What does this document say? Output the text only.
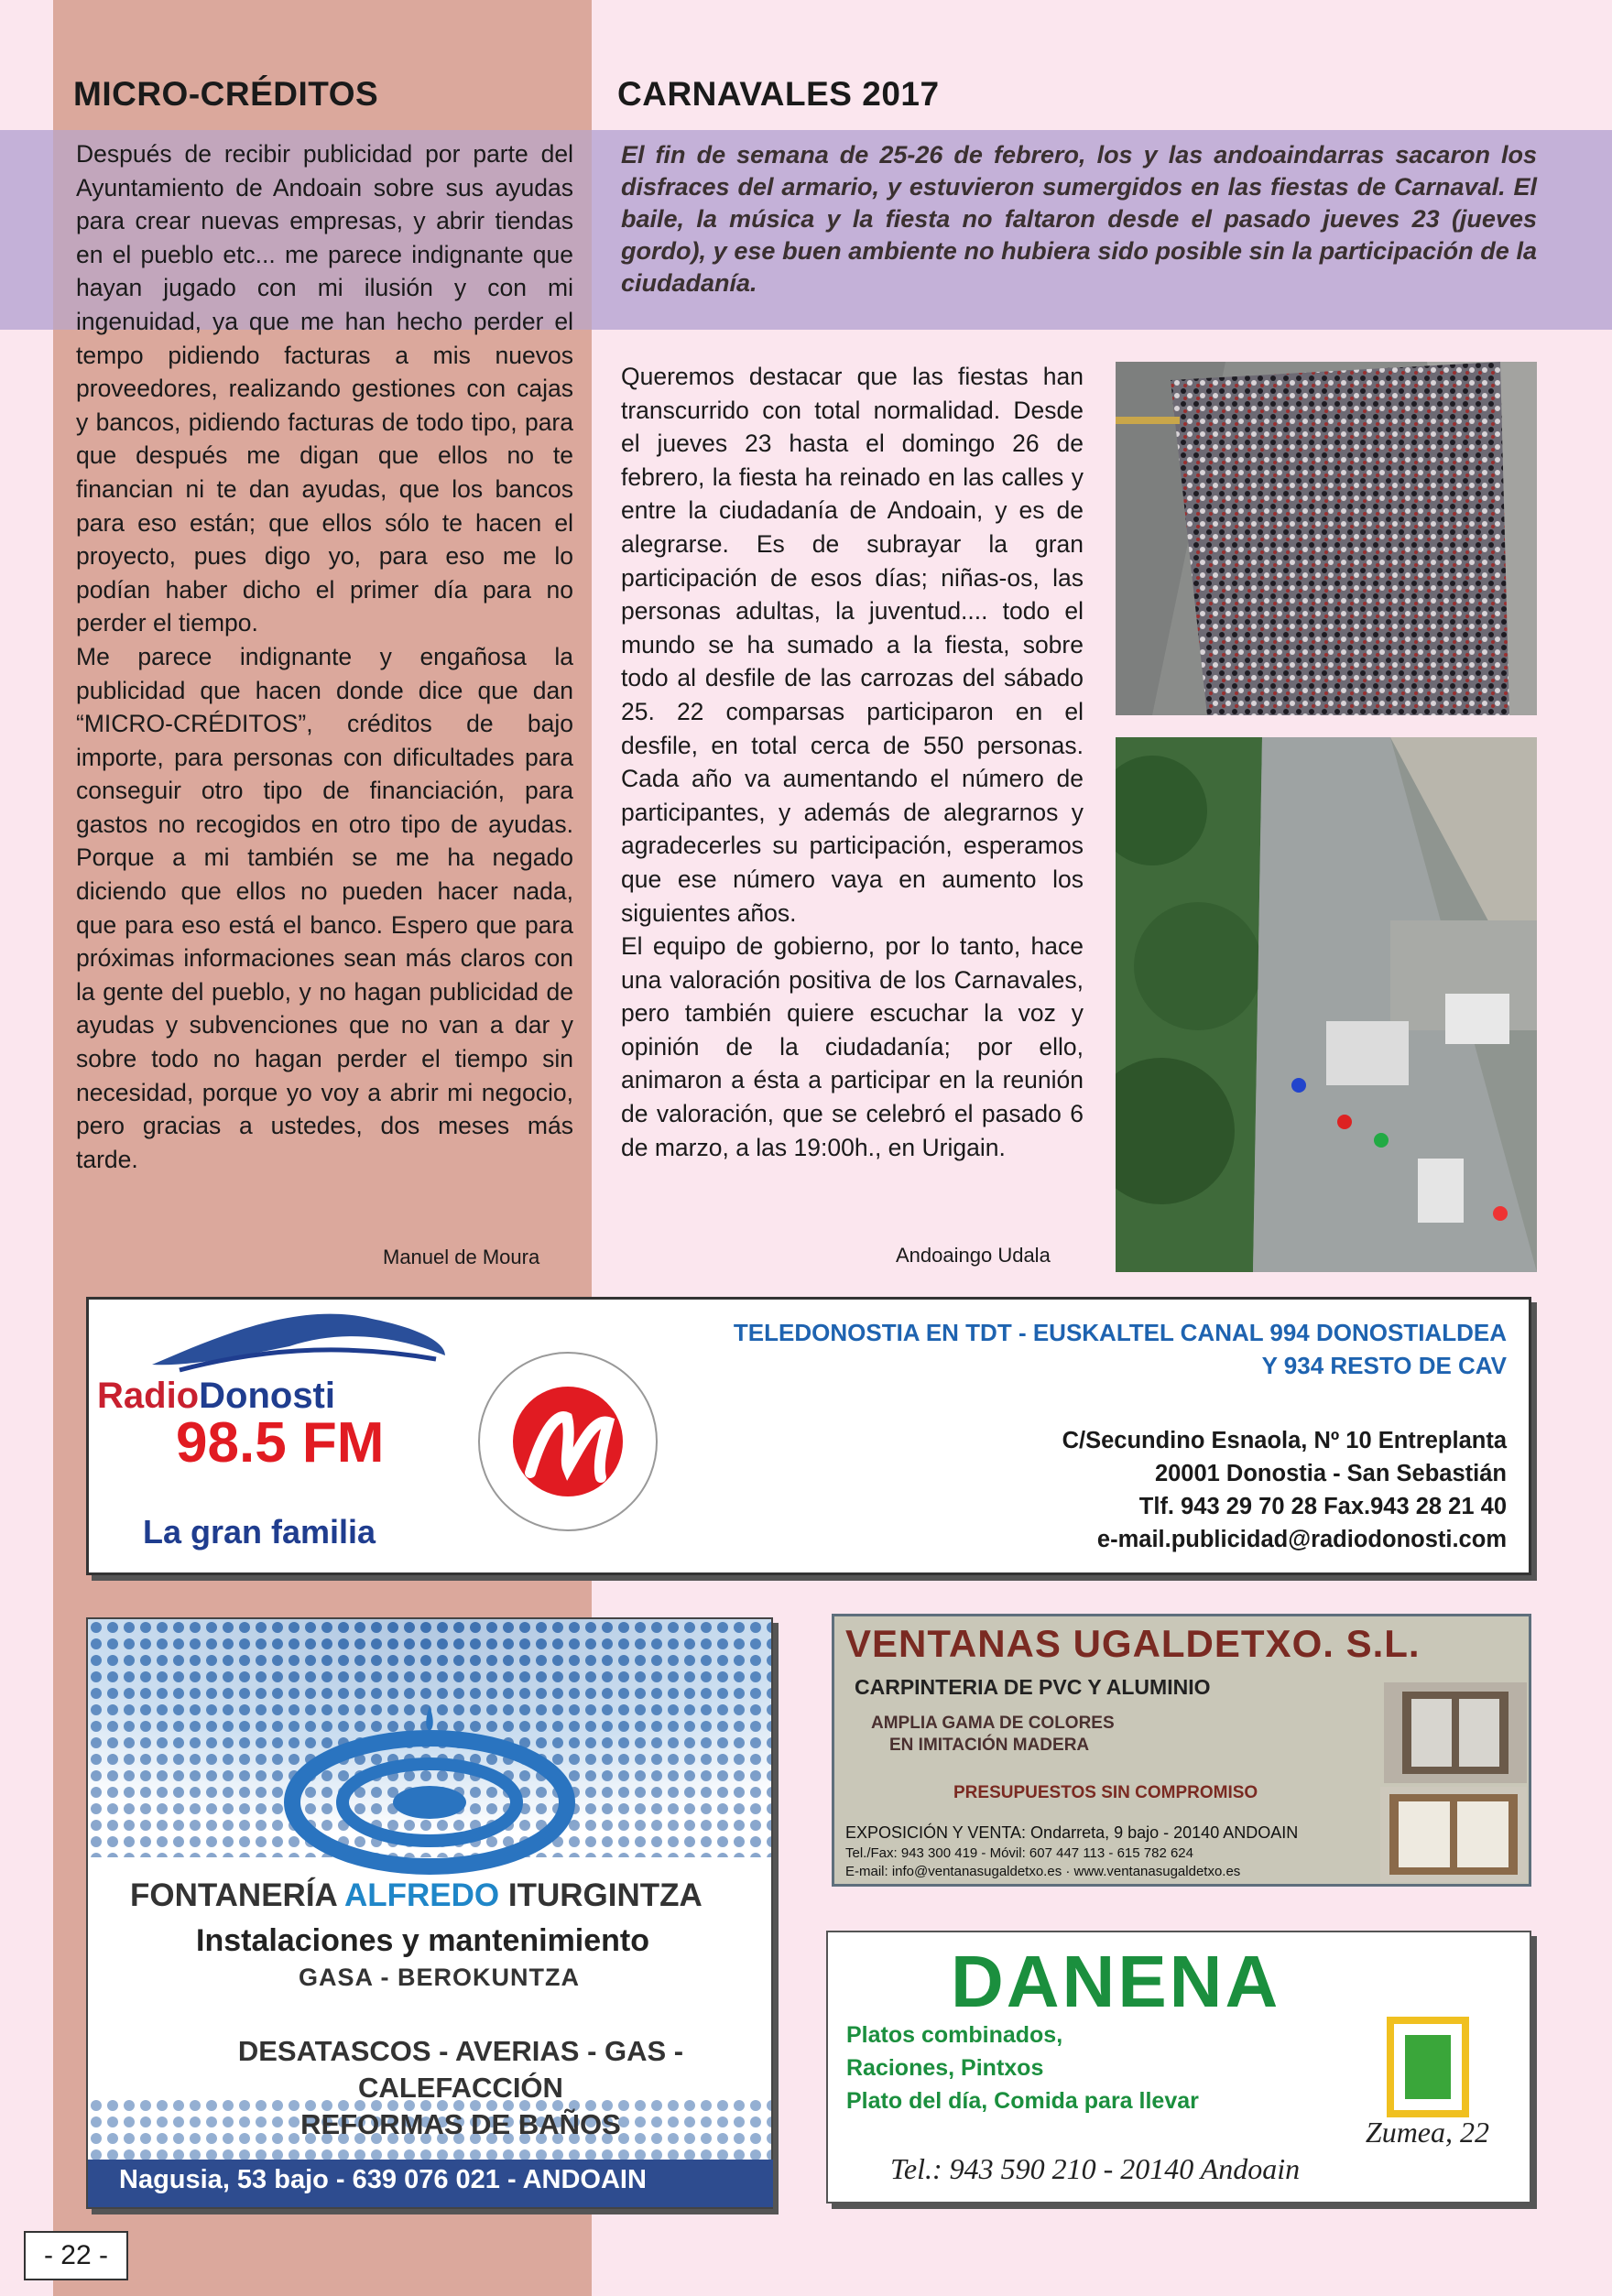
MICRO-CRÉDITOS
Después de recibir publicidad por parte del Ayuntamiento de Andoain sobre sus ayudas para crear nuevas empresas, y abrir tiendas en el pueblo etc... me parece indignante que hayan jugado con mi ilusión y con mi ingenuidad, ya que me han hecho perder el tempo pidiendo facturas a mis nuevos proveedores, realizando gestiones con cajas y bancos, pidiendo facturas de todo tipo, para que después me digan que ellos no te financian ni te dan ayudas, que los bancos para eso están; que ellos sólo te hacen el proyecto, pues digo yo, para eso me lo podían haber dicho el primer día para no perder el tiempo.
Me parece indignante y engañosa la publicidad que hacen donde dice que dan “MICRO-CRÉDITOS”, créditos de bajo importe, para personas con dificultades para conseguir otro tipo de financiación, para gastos no recogidos en otro tipo de ayudas. Porque a mi también se me ha negado diciendo que ellos no pueden hacer nada, que para eso está el banco. Espero que para próximas informaciones sean más claros con la gente del pueblo, y no hagan publicidad de ayudas y subvenciones que no van a dar y sobre todo no hagan perder el tiempo sin necesidad, porque yo voy a abrir mi negocio, pero gracias a ustedes, dos meses más tarde.
Manuel de Moura
CARNAVALES 2017
El fin de semana de 25-26 de febrero, los y las andoaindarras sacaron los disfraces del armario, y estuvieron sumergidos en las fiestas de Carnaval. El baile, la música y la fiesta no faltaron desde el pasado jueves 23 (jueves gordo), y ese buen ambiente no hubiera sido posible sin la participación de la ciudadanía.
Queremos destacar que las fiestas han transcurrido con total normalidad. Desde el jueves 23 hasta el domingo 26 de febrero, la fiesta ha reinado en las calles y entre la ciudadanía de Andoain, y es de alegrarse. Es de subrayar la gran participación de esos días; niñas-os, las personas adultas, la juventud.... todo el mundo se ha sumado a la fiesta, sobre todo al desfile de las carrozas del sábado 25. 22 comparsas participaron en el desfile, en total cerca de 550 personas. Cada año va aumentando el número de participantes, y además de alegrarnos y agradecerles su participación, esperamos que ese número vaya en aumento los siguientes años.
El equipo de gobierno, por lo tanto, hace una valoración positiva de los Carnavales, pero también quiere escuchar la voz y opinión de la ciudadanía; por ello, animaron a ésta a participar en la reunión de valoración, que se celebró el pasado 6 de marzo, a las 19:00h., en Urigain.
Andoaingo Udala
RadioDonosti
98.5 FM
La gran familia
TELEDONOSTIA EN TDT - EUSKALTEL CANAL 994 DONOSTIALDEA
Y 934 RESTO DE CAV
C/Secundino Esnaola, Nº 10 Entreplanta
20001 Donostia - San Sebastián
Tlf. 943 29 70 28 Fax.943 28 21 40
e-mail.publicidad@radiodonosti.com
FONTANERÍA ALFREDO ITURGINTZA
Instalaciones y mantenimiento
GASA - BEROKUNTZA
DESATASCOS - AVERIAS - GAS - CALEFACCIÓN
REFORMAS DE BAÑOS
Nagusia, 53 bajo - 639 076 021 - ANDOAIN
VENTANAS UGALDETXO. S.L.
CARPINTERIA DE PVC Y ALUMINIO
AMPLIA GAMA DE COLORES
EN IMITACIÓN MADERA
PRESUPUESTOS SIN COMPROMISO
EXPOSICIÓN Y VENTA: Ondarreta, 9 bajo - 20140 ANDOAIN
Tel./Fax: 943 300 419 - Móvil: 607 447 113 - 615 782 624
E-mail: info@ventanasugaldetxo.es · www.ventanasugaldetxo.es
DANENA
Platos combinados,
Raciones, Pintxos
Plato del día, Comida para llevar
Zumea, 22
Tel.: 943 590 210 - 20140 Andoain
- 22 -
